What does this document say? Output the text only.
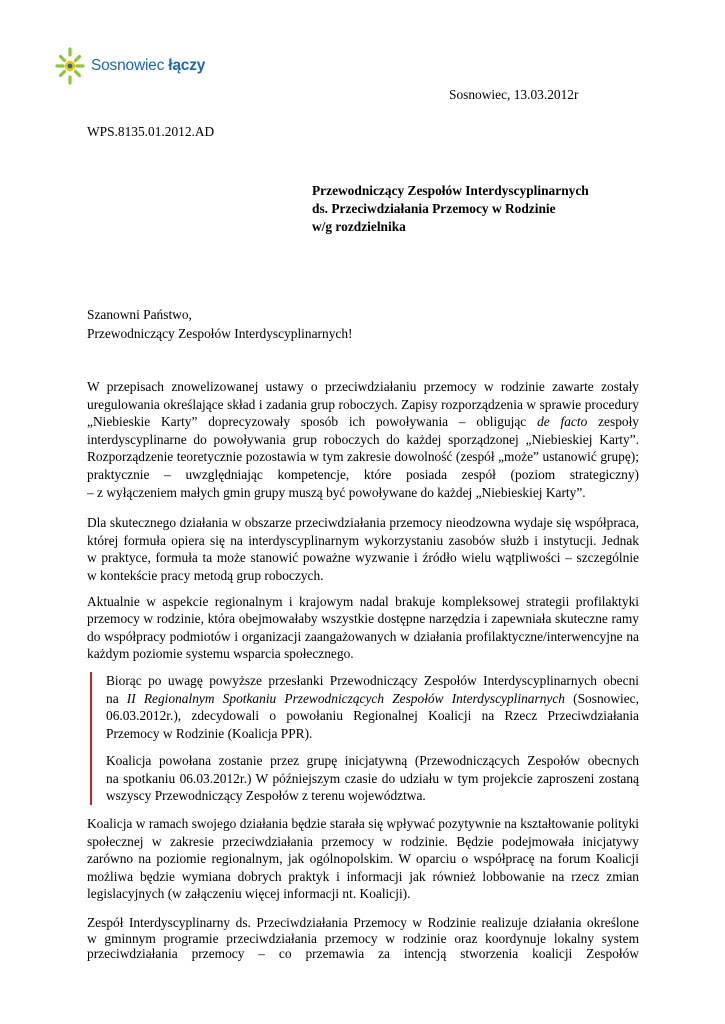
Sosnowiec łączy
Sosnowiec, 13.03.2012r
WPS.8135.01.2012.AD
Przewodniczący Zespołów Interdyscyplinarnych
ds. Przeciwdziałania Przemocy w Rodzinie
w/g rozdzielnika
Szanowni Państwo,
Przewodniczący Zespołów Interdyscyplinarnych!

W przepisach znowelizowanej ustawy o przeciwdziałaniu przemocy w rodzinie zawarte zostały
uregulowania określające skład i zadania grup roboczych. Zapisy rozporządzenia w sprawie procedury
„Niebieskie Karty” doprecyzowały sposób ich powoływania – obligując de facto zespoły
interdyscyplinarne do powoływania grup roboczych do każdej sporządzonej „Niebieskiej Karty”.
Rozporządzenie teoretycznie pozostawia w tym zakresie dowolność (zespół „może” ustanowić grupę);
praktycznie – uwzględniając kompetencje, które posiada zespół (poziom strategiczny)
– z wyłączeniem małych gmin grupy muszą być powoływane do każdej „Niebieskiej Karty”.

Dla skutecznego działania w obszarze przeciwdziałania przemocy nieodzowna wydaje się współpraca,
której formuła opiera się na interdyscyplinarnym wykorzystaniu zasobów służb i instytucji. Jednak
w praktyce, formuła ta może stanowić poważne wyzwanie i źródło wielu wątpliwości – szczególnie
w kontekście pracy metodą grup roboczych.

Aktualnie w aspekcie regionalnym i krajowym nadal brakuje kompleksowej strategii profilaktyki
przemocy w rodzinie, która obejmowałaby wszystkie dostępne narzędzia i zapewniała skuteczne ramy
do współpracy podmiotów i organizacji zaangażowanych w działania profilaktyczne/interwencyjne na
każdym poziomie systemu wsparcia społecznego.

Biorąc po uwagę powyższe przesłanki Przewodniczący Zespołów Interdyscyplinarnych obecni
na II Regionalnym Spotkaniu Przewodniczących Zespołów Interdyscyplinarnych (Sosnowiec,
06.03.2012r.), zdecydowali o powołaniu Regionalnej Koalicji na Rzecz Przeciwdziałania
Przemocy w Rodzinie (Koalicja PPR).

Koalicja powołana zostanie przez grupę inicjatywną (Przewodniczących Zespołów obecnych
na spotkaniu 06.03.2012r.) W późniejszym czasie do udziału w tym projekcie zaproszeni zostaną
wszyscy Przewodniczący Zespołów z terenu województwa.

Koalicja w ramach swojego działania będzie starała się wpływać pozytywnie na kształtowanie polityki
społecznej w zakresie przeciwdziałania przemocy w rodzinie. Będzie podejmowała inicjatywy
zarówno na poziomie regionalnym, jak ogólnopolskim. W oparciu o współpracę na forum Koalicji
możliwa będzie wymiana dobrych praktyk i informacji jak również lobbowanie na rzecz zmian
legislacyjnych (w załączeniu więcej informacji nt. Koalicji).

Zespół Interdyscyplinarny ds. Przeciwdziałania Przemocy w Rodzinie realizuje działania określone
w gminnym programie przeciwdziałania przemocy w rodzinie oraz koordynuje lokalny system
przeciwdziałania przemocy – co przemawia za intencją stworzenia koalicji Zespołów
